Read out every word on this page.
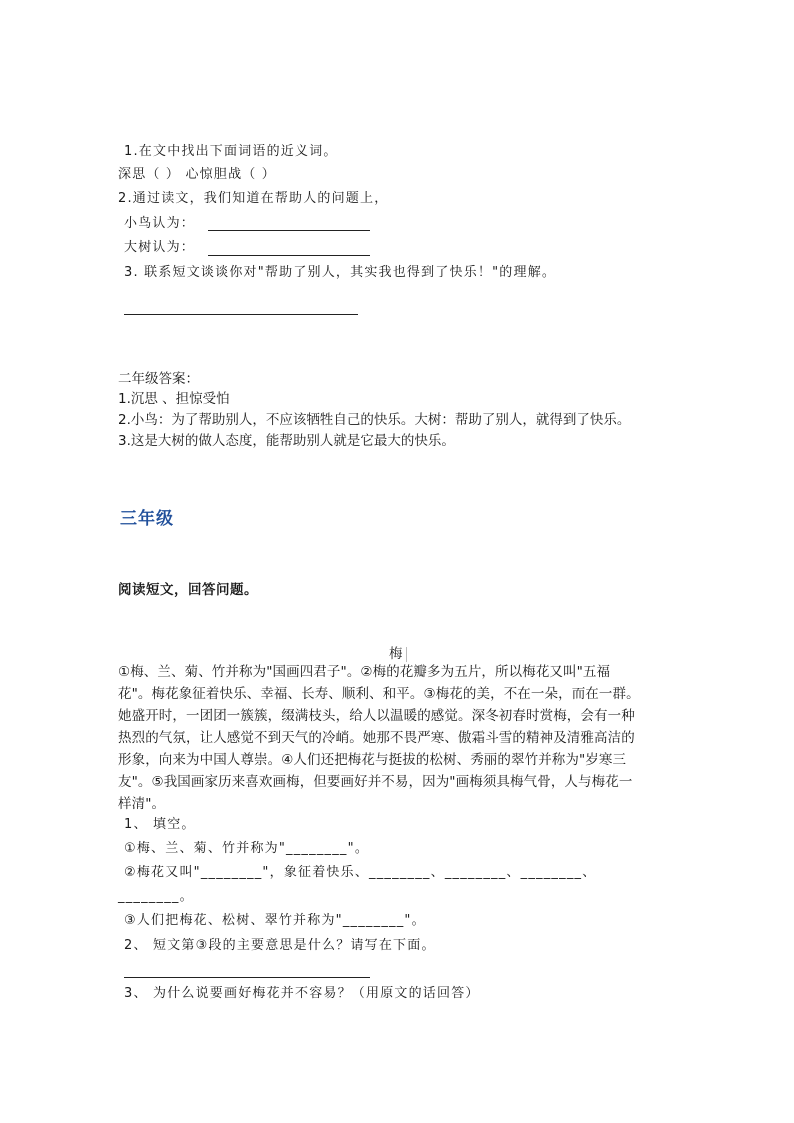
1.在文中找出下面词语的近义词。
深思（ ） 心惊胆战（ ）
2.通过读文，我们知道在帮助人的问题上，
小鸟认为：
大树认为：
3. 联系短文谈谈你对"帮助了别人，其实我也得到了快乐！"的理解。
二年级答案：
1.沉思 、担惊受怕
2.小鸟：为了帮助别人，不应该牺牲自己的快乐。大树：帮助了别人，就得到了快乐。
3.这是大树的做人态度，能帮助别人就是它最大的快乐。
三年级
阅读短文，回答问题。
梅
①梅、兰、菊、竹并称为"国画四君子"。②梅的花瓣多为五片，所以梅花又叫"五福
花"。梅花象征着快乐、幸福、长寿、顺利、和平。③梅花的美，不在一朵，而在一群。
她盛开时，一团团一簇簇，缀满枝头，给人以温暖的感觉。深冬初春时赏梅，会有一种
热烈的气氛，让人感觉不到天气的冷峭。她那不畏严寒、傲霜斗雪的精神及清雅高洁的
形象，向来为中国人尊崇。④人们还把梅花与挺拔的松树、秀丽的翠竹并称为"岁寒三
友"。⑤我国画家历来喜欢画梅，但要画好并不易，因为"画梅须具梅气骨，人与梅花一
样清"。
1、 填空。
①梅、兰、菊、竹并称为"________"。
②梅花又叫"________"，象征着快乐、________、________、________、
________。
③人们把梅花、松树、翠竹并称为"________"。
2、 短文第③段的主要意思是什么？请写在下面。
3、 为什么说要画好梅花并不容易？（用原文的话回答）
